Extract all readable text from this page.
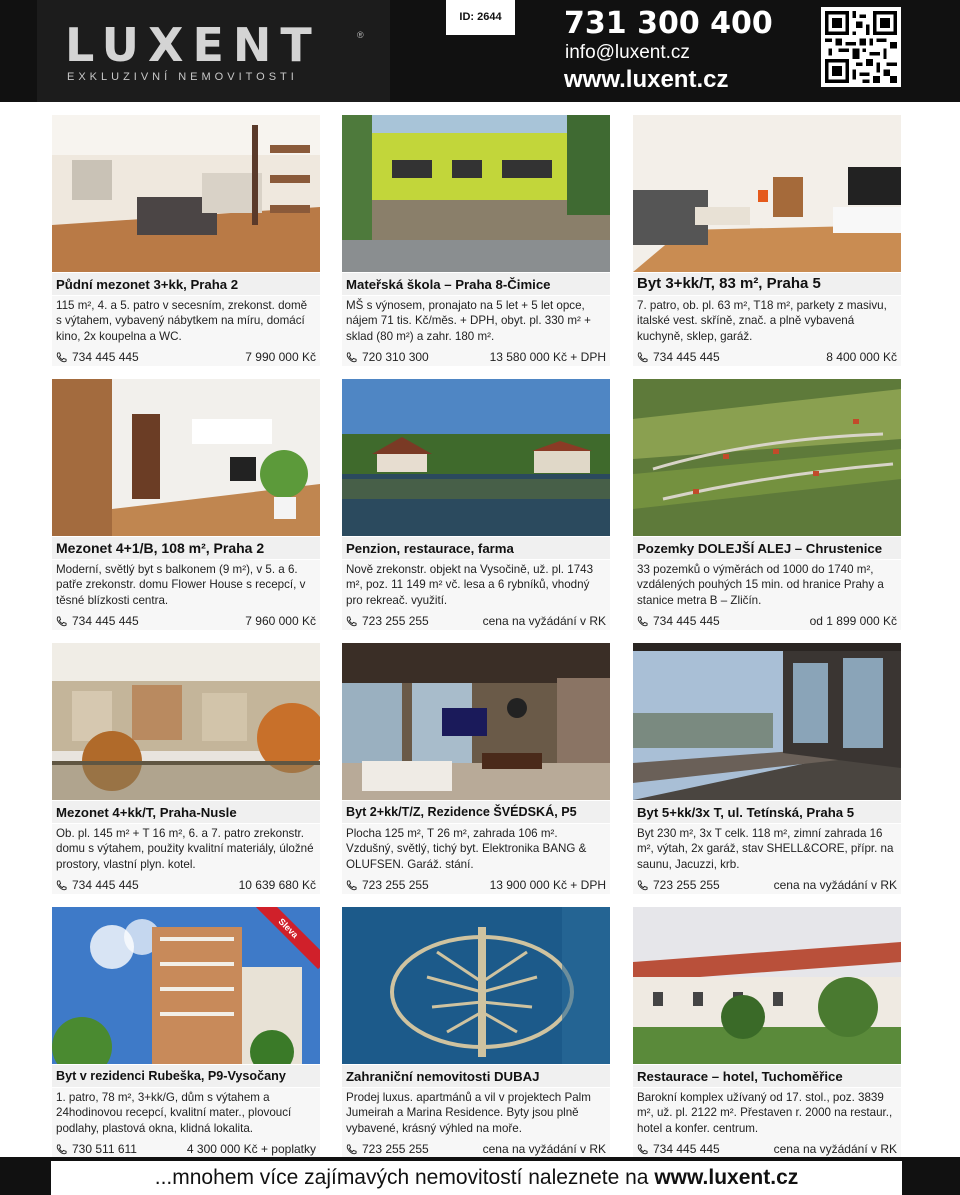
LUXENT	®
EXKLUZIVNÍ NEMOVITOSTI
ID: 2644	731 300 400
info@luxent.cz
www.luxent.cz
Půdní mezonet 3+kk, Praha 2
115 m², 4. a 5. patro v secesním, zrekonst. domě s výtahem, vybavený nábytkem na míru, domácí kino, 2x koupelna a WC.
734 445 445	7 990 000 Kč
Mateřská škola – Praha 8-Čimice
MŠ s výnosem, pronajato na 5 let + 5 let opce, nájem 71 tis. Kč/měs. + DPH, obyt. pl. 330 m² + sklad (80 m²) a zahr. 180 m².
720 310 300	13 580 000 Kč + DPH
Byt 3+kk/T, 83 m², Praha 5
7. patro, ob. pl. 63 m², T18 m², parkety z masivu, italské vest. skříně, znač. a plně vybavená kuchyně, sklep, garáž.
734 445 445	8 400 000 Kč
Mezonet 4+1/B, 108 m², Praha 2
Moderní, světlý byt s balkonem (9 m²), v 5. a 6. patře zrekonstr. domu Flower House s recepcí, v těsné blízkosti centra.
734 445 445	7 960 000 Kč
Penzion, restaurace, farma
Nově zrekonstr. objekt na Vysočině, už. pl. 1743 m², poz. 11 149 m² vč. lesa a 6 rybníků, vhodný pro rekreač. využití.
723 255 255	cena na vyžádání v RK
Pozemky DOLEJŠÍ ALEJ – Chrustenice
33 pozemků o výměrách od 1000 do 1740 m², vzdálených pouhých 15 min. od hranice Prahy a stanice metra B – Zličín.
734 445 445	od 1 899 000 Kč
Mezonet 4+kk/T, Praha-Nusle
Ob. pl. 145 m² + T 16 m², 6. a 7. patro zrekonstr. domu s výtahem, použity kvalitní materiály, úložné prostory, vlastní plyn. kotel.
734 445 445	10 639 680 Kč
Byt 2+kk/T/Z, Rezidence ŠVÉDSKÁ, P5
Plocha 125 m², T 26 m², zahrada 106 m². Vzdušný, světlý, tichý byt. Elektronika BANG & OLUFSEN. Garáž. stání.
723 255 255	13 900 000 Kč + DPH
Byt 5+kk/3x T, ul. Tetínská, Praha 5
Byt 230 m², 3x T celk. 118 m², zimní zahrada 16 m², výtah, 2x garáž, stav SHELL&CORE, přípr. na saunu, Jacuzzi, krb.
723 255 255	cena na vyžádání v RK
Sleva
Byt v rezidenci Rubeška, P9-Vysočany
1. patro, 78 m², 3+kk/G, dům s výtahem a 24hodinovou recepcí, kvalitní mater., plovoucí podlahy, plastová okna, klidná lokalita.
730 511 611	4 300 000 Kč + poplatky
Zahraniční nemovitosti DUBAJ
Prodej luxus. apartmánů a vil v projektech Palm Jumeirah a Marina Residence. Byty jsou plně vybavené, krásný výhled na moře.
723 255 255	cena na vyžádání v RK
Restaurace – hotel, Tuchoměřice
Barokní komplex užívaný od 17. stol., poz. 3839 m², už. pl. 2122 m². Přestaven r. 2000 na restaur., hotel a konfer. centrum.
734 445 445	cena na vyžádání v RK
...mnohem více zajímavých nemovitostí naleznete na www.luxent.cz
